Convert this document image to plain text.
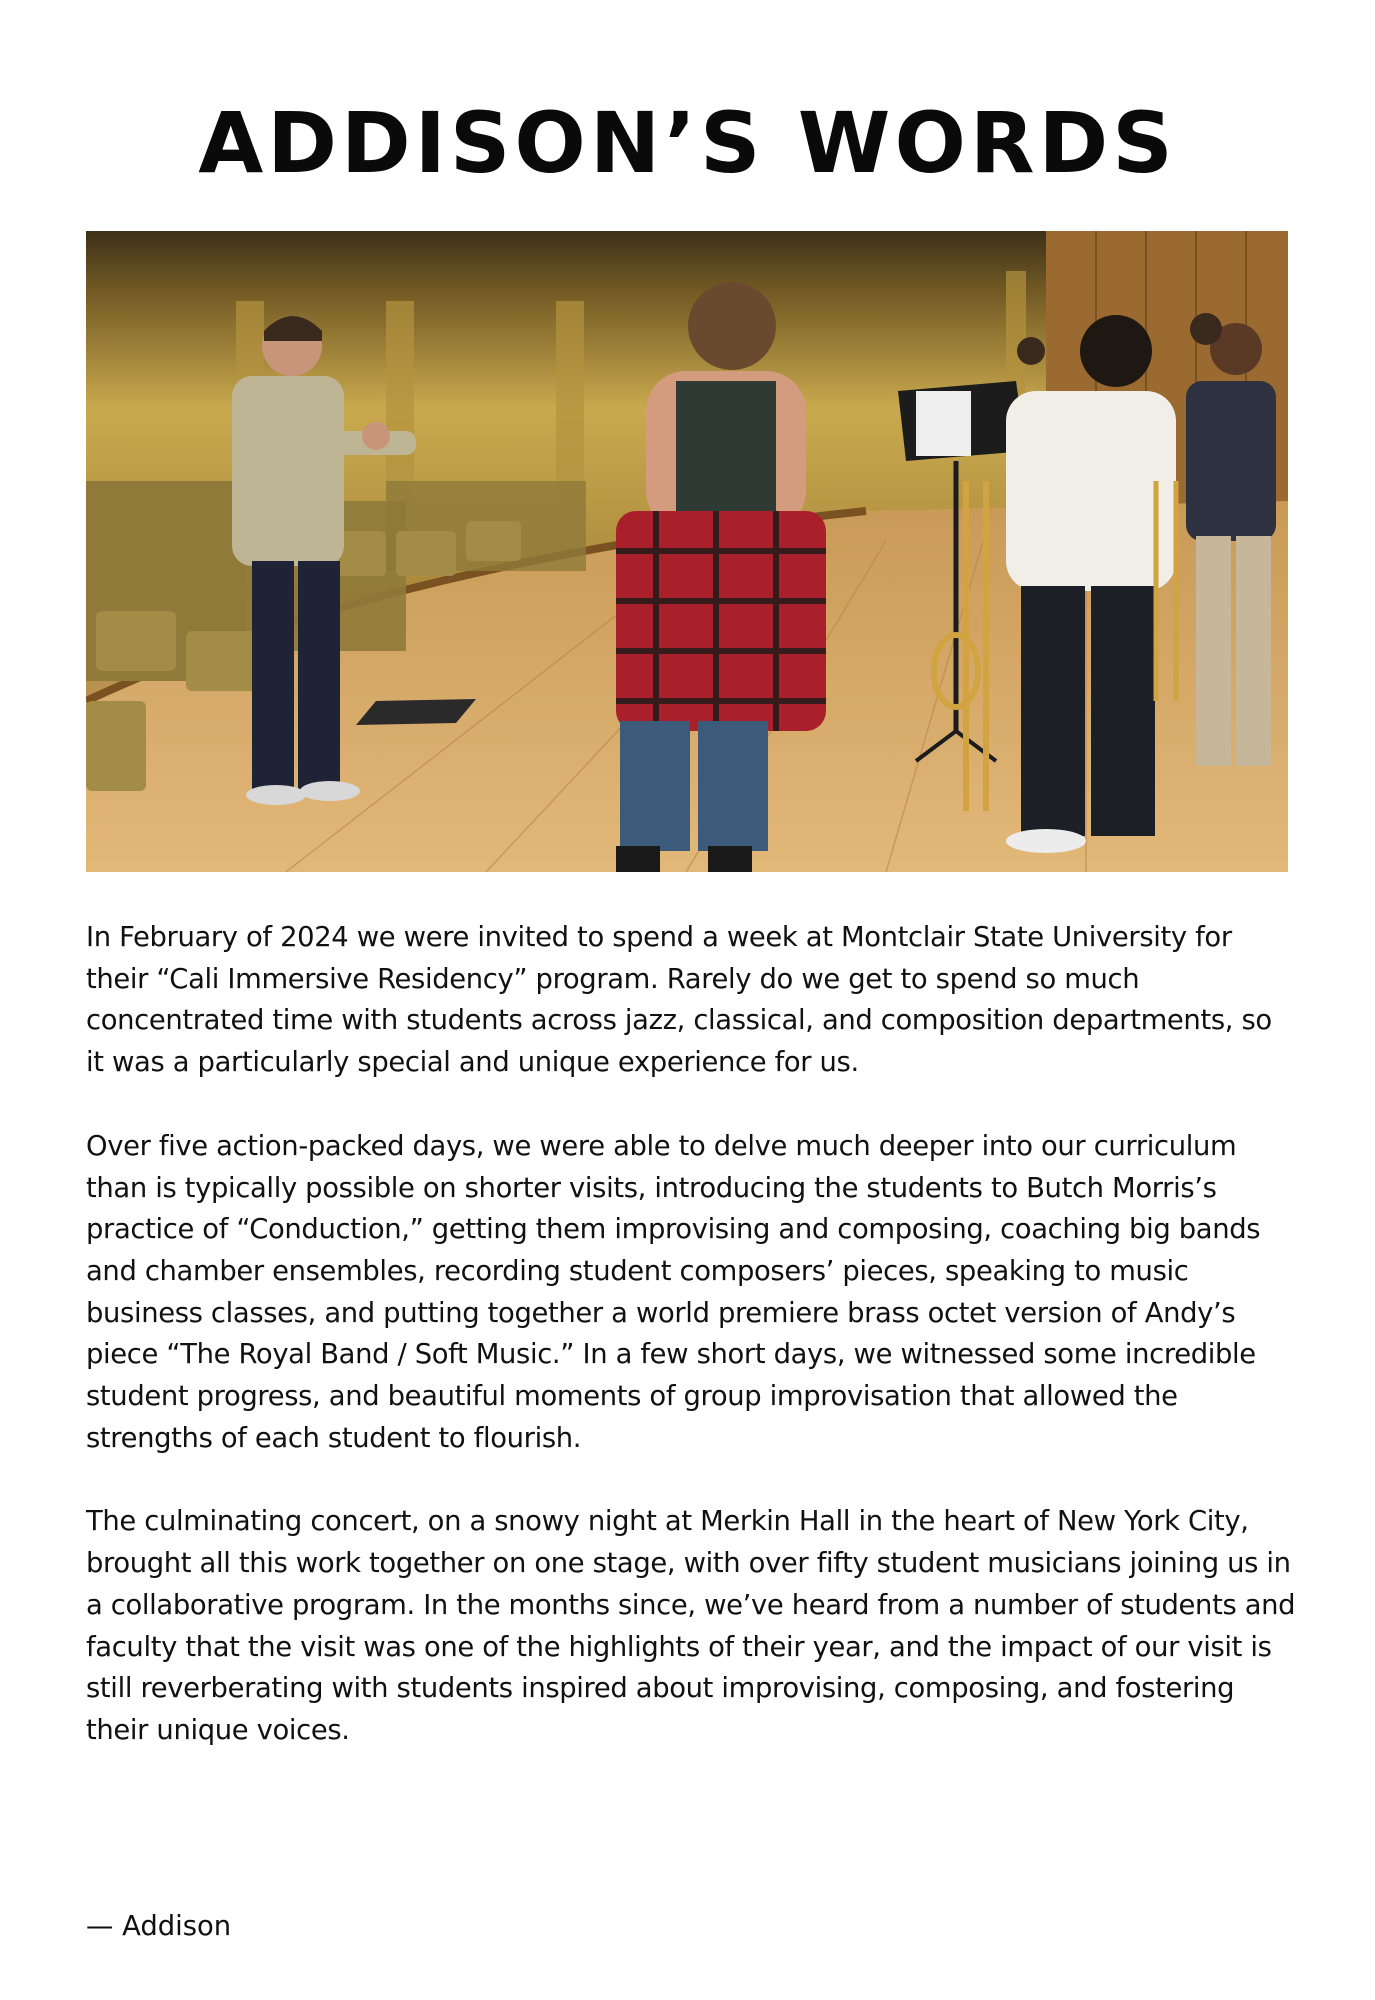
ADDISON’S WORDS

In February of 2024 we were invited to spend a week at Montclair State University for their “Cali Immersive Residency” program. Rarely do we get to spend so much concentrated time with students across jazz, classical, and composition departments, so it was a particularly special and unique experience for us.

Over five action-packed days, we were able to delve much deeper into our curriculum than is typically possible on shorter visits, introducing the students to Butch Morris’s practice of “Conduction,” getting them improvising and composing, coaching big bands and chamber ensembles, recording student composers’ pieces, speaking to music business classes, and putting together a world premiere brass octet version of Andy’s piece “The Royal Band / Soft Music.” In a few short days, we witnessed some incredible student progress, and beautiful moments of group improvisation that allowed the strengths of each student to flourish.

The culminating concert, on a snowy night at Merkin Hall in the heart of New York City, brought all this work together on one stage, with over fifty student musicians joining us in a collaborative program. In the months since, we’ve heard from a number of students and faculty that the visit was one of the highlights of their year, and the impact of our visit is still reverberating with students inspired about improvising, composing, and fostering their unique voices.

— Addison
